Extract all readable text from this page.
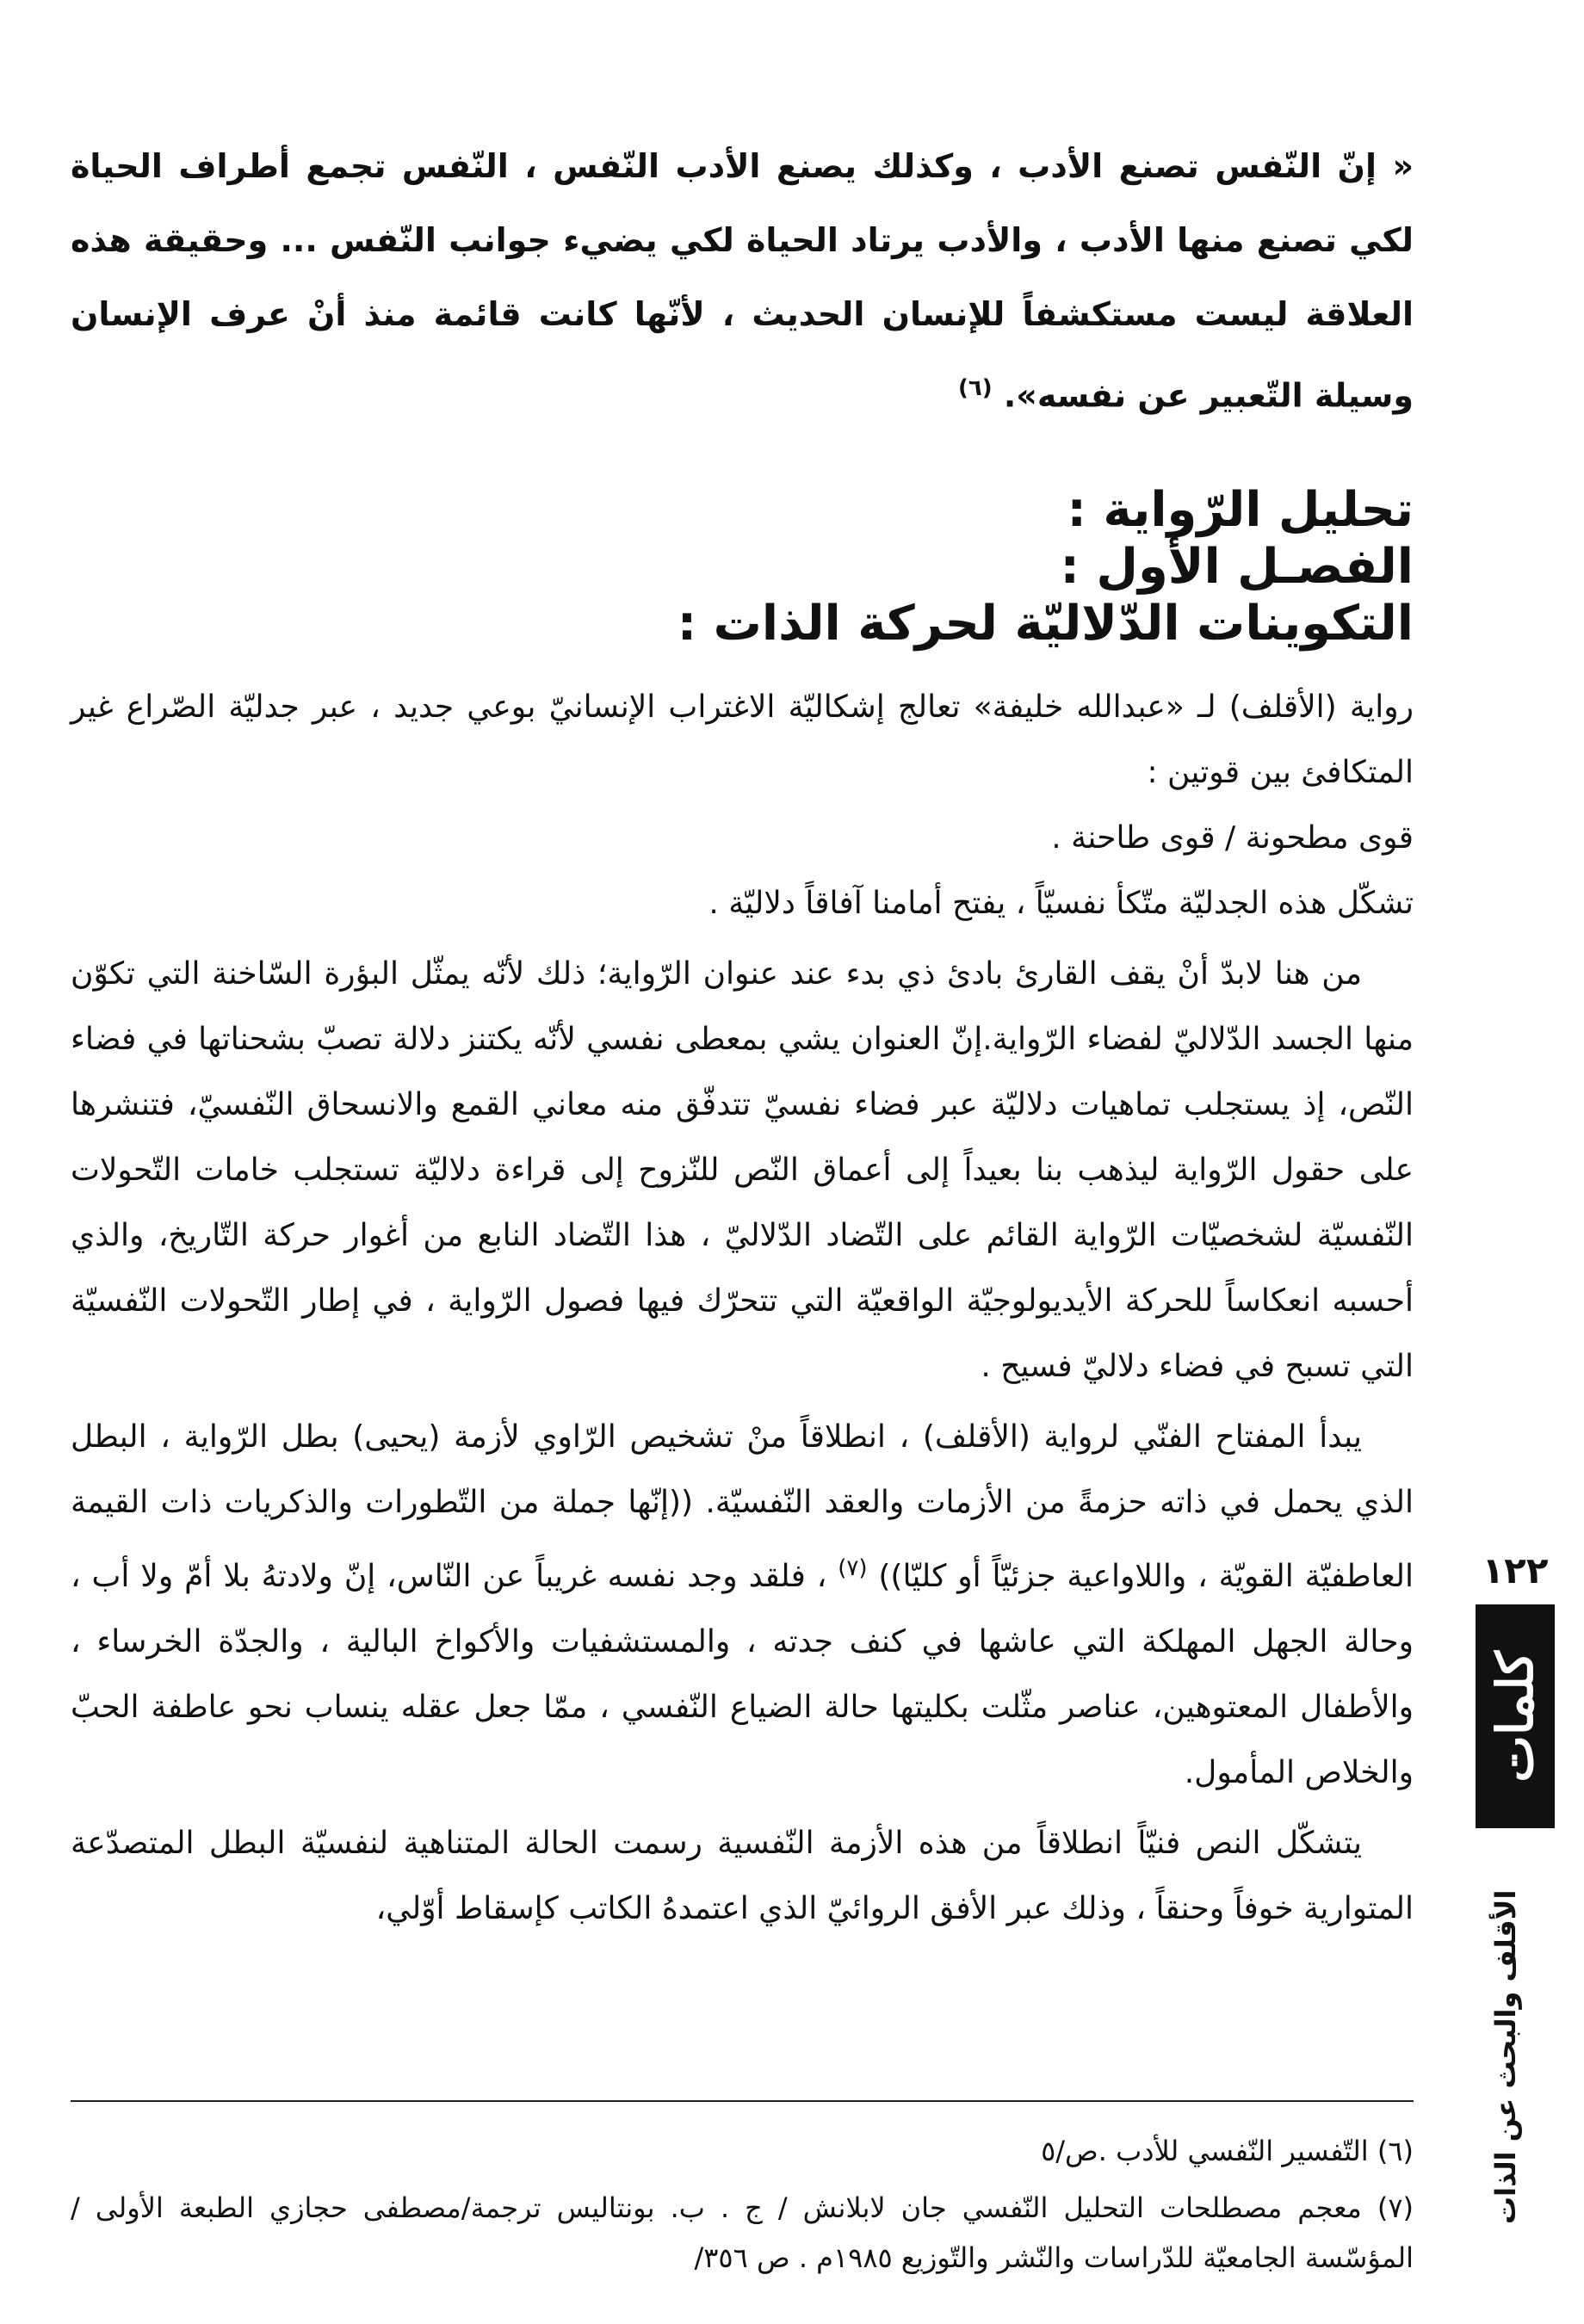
« إنّ النّفس تصنع الأدب ، وكذلك يصنع الأدب النّفس ، النّفس تجمع أطراف الحياة لكي تصنع منها الأدب ، والأدب يرتاد الحياة لكي يضيء جوانب النّفس ... وحقيقة هذه العلاقة ليست مستكشفاً للإنسان الحديث ، لأنّها كانت قائمة منذ أنْ عرف الإنسان وسيلة التّعبير عن نفسه». $^{(٦)}$
تحليل الرّواية :
الفصـل الأول :
التكوينات الدّلاليّة لحركة الذات :

رواية (الأقلف) لـ «عبدالله خليفة» تعالج إشكاليّة الاغتراب الإنسانيّ بوعي جديد ، عبر جدليّة الصّراع غير المتكافئ بين قوتين :

قوى مطحونة / قوى طاحنة .

تشكّل هذه الجدليّة متّكأ نفسيّاً ، يفتح أمامنا آفاقاً دلاليّة .

من هنا لابدّ أنْ يقف القارئ بادئ ذي بدء عند عنوان الرّواية؛ ذلك لأنّه يمثّل البؤرة السّاخنة التي تكوّن منها الجسد الدّلاليّ لفضاء الرّواية.إنّ العنوان يشي بمعطى نفسي لأنّه يكتنز دلالة تصبّ بشحناتها في فضاء النّص، إذ يستجلب تماهيات دلاليّة عبر فضاء نفسيّ تتدفّق منه معاني القمع والانسحاق النّفسيّ، فتنشرها على حقول الرّواية ليذهب بنا بعيداً إلى أعماق النّص للنّزوح إلى قراءة دلاليّة تستجلب خامات التّحولات النّفسيّة لشخصيّات الرّواية القائم على التّضاد الدّلاليّ ، هذا التّضاد النابع من أغوار حركة التّاريخ، والذي أحسبه انعكاساً للحركة الأيديولوجيّة الواقعيّة التي تتحرّك فيها فصول الرّواية ، في إطار التّحولات النّفسيّة التي تسبح في فضاء دلاليّ فسيح .

يبدأ المفتاح الفنّي لرواية (الأقلف) ، انطلاقاً منْ تشخيص الرّاوي لأزمة (يحيى) بطل الرّواية ، البطل الذي يحمل في ذاته حزمةً من الأزمات والعقد النّفسيّة. ((إنّها جملة من التّطورات والذكريات ذات القيمة العاطفيّة القويّة ، واللاواعية جزئيّاً أو كليّا)) $^{(٧)}$ ، فلقد وجد نفسه غريباً عن النّاس، إنّ ولادتهُ بلا أمّ ولا أب ، وحالة الجهل المهلكة التي عاشها في كنف جدته ، والمستشفيات والأكواخ البالية ، والجدّة الخرساء ، والأطفال المعتوهين، عناصر مثّلت بكليتها حالة الضياع النّفسي ، ممّا جعل عقله ينساب نحو عاطفة الحبّ والخلاص المأمول.

يتشكّل النص فنيّاً انطلاقاً من هذه الأزمة النّفسية رسمت الحالة المتناهية لنفسيّة البطل المتصدّعة المتوارية خوفاً وحنقاً ، وذلك عبر الأفق الروائيّ الذي اعتمدهُ الكاتب كإسقاط أوّلي،

(٦) التّفسير النّفسي للأدب .ص/٥

(٧) معجم مصطلحات التحليل النّفسي جان لابلانش / ج . ب. بونتاليس ترجمة/مصطفى حجازي الطبعة الأولى / المؤسّسة الجامعيّة للدّراسات والنّشر والتّوزيع ١٩٨٥م . ص ٣٥٦/

١٢٢
كلمات
الأقلف والبحث عن الذات
